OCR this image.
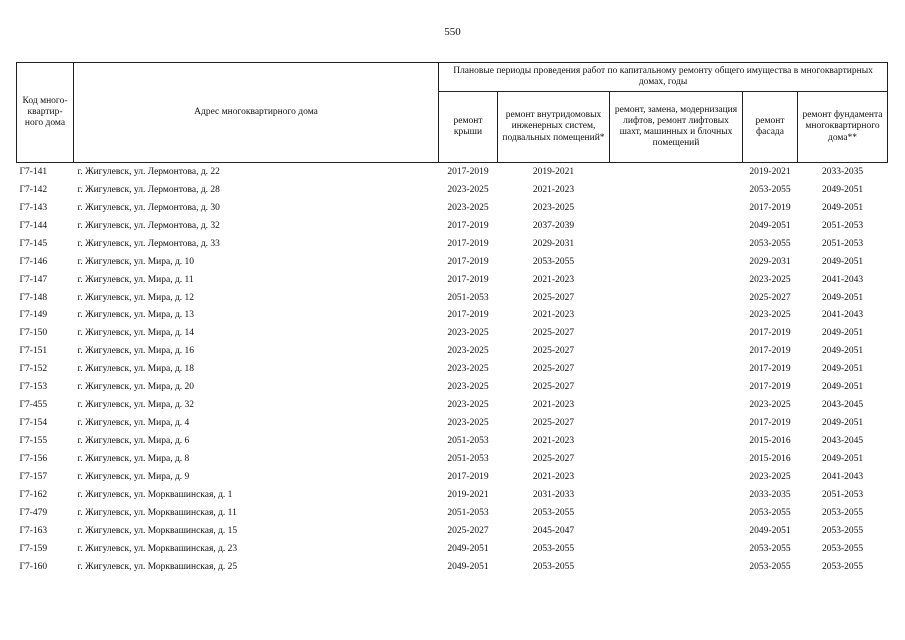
550
Код много-квартир-ного дома	Адрес многоквартирного дома	Плановые периоды проведения работ по капитальному ремонту общего имущества в многоквартирных домах, годы				
		ремонт крыши	ремонт внутридомовых инженерных систем, подвальных помещений*	ремонт, замена, модернизация лифтов, ремонт лифтовых шахт, машинных и блочных помещений	ремонт фасада	ремонт фундамента многоквартирного дома**
Г7-141	г. Жигулевск, ул. Лермонтова, д. 22	2017-2019	2019-2021		2019-2021	2033-2035
Г7-142	г. Жигулевск, ул. Лермонтова, д. 28	2023-2025	2021-2023		2053-2055	2049-2051
Г7-143	г. Жигулевск, ул. Лермонтова, д. 30	2023-2025	2023-2025		2017-2019	2049-2051
Г7-144	г. Жигулевск, ул. Лермонтова, д. 32	2017-2019	2037-2039		2049-2051	2051-2053
Г7-145	г. Жигулевск, ул. Лермонтова, д. 33	2017-2019	2029-2031		2053-2055	2051-2053
Г7-146	г. Жигулевск, ул. Мира, д. 10	2017-2019	2053-2055		2029-2031	2049-2051
Г7-147	г. Жигулевск, ул. Мира, д. 11	2017-2019	2021-2023		2023-2025	2041-2043
Г7-148	г. Жигулевск, ул. Мира, д. 12	2051-2053	2025-2027		2025-2027	2049-2051
Г7-149	г. Жигулевск, ул. Мира, д. 13	2017-2019	2021-2023		2023-2025	2041-2043
Г7-150	г. Жигулевск, ул. Мира, д. 14	2023-2025	2025-2027		2017-2019	2049-2051
Г7-151	г. Жигулевск, ул. Мира, д. 16	2023-2025	2025-2027		2017-2019	2049-2051
Г7-152	г. Жигулевск, ул. Мира, д. 18	2023-2025	2025-2027		2017-2019	2049-2051
Г7-153	г. Жигулевск, ул. Мира, д. 20	2023-2025	2025-2027		2017-2019	2049-2051
Г7-455	г. Жигулевск, ул. Мира, д. 32	2023-2025	2021-2023		2023-2025	2043-2045
Г7-154	г. Жигулевск, ул. Мира, д. 4	2023-2025	2025-2027		2017-2019	2049-2051
Г7-155	г. Жигулевск, ул. Мира, д. 6	2051-2053	2021-2023		2015-2016	2043-2045
Г7-156	г. Жигулевск, ул. Мира, д. 8	2051-2053	2025-2027		2015-2016	2049-2051
Г7-157	г. Жигулевск, ул. Мира, д. 9	2017-2019	2021-2023		2023-2025	2041-2043
Г7-162	г. Жигулевск, ул. Морквашинская, д. 1	2019-2021	2031-2033		2033-2035	2051-2053
Г7-479	г. Жигулевск, ул. Морквашинская, д. 11	2051-2053	2053-2055		2053-2055	2053-2055
Г7-163	г. Жигулевск, ул. Морквашинская, д. 15	2025-2027	2045-2047		2049-2051	2053-2055
Г7-159	г. Жигулевск, ул. Морквашинская, д. 23	2049-2051	2053-2055		2053-2055	2053-2055
Г7-160	г. Жигулевск, ул. Морквашинская, д. 25	2049-2051	2053-2055		2053-2055	2053-2055
